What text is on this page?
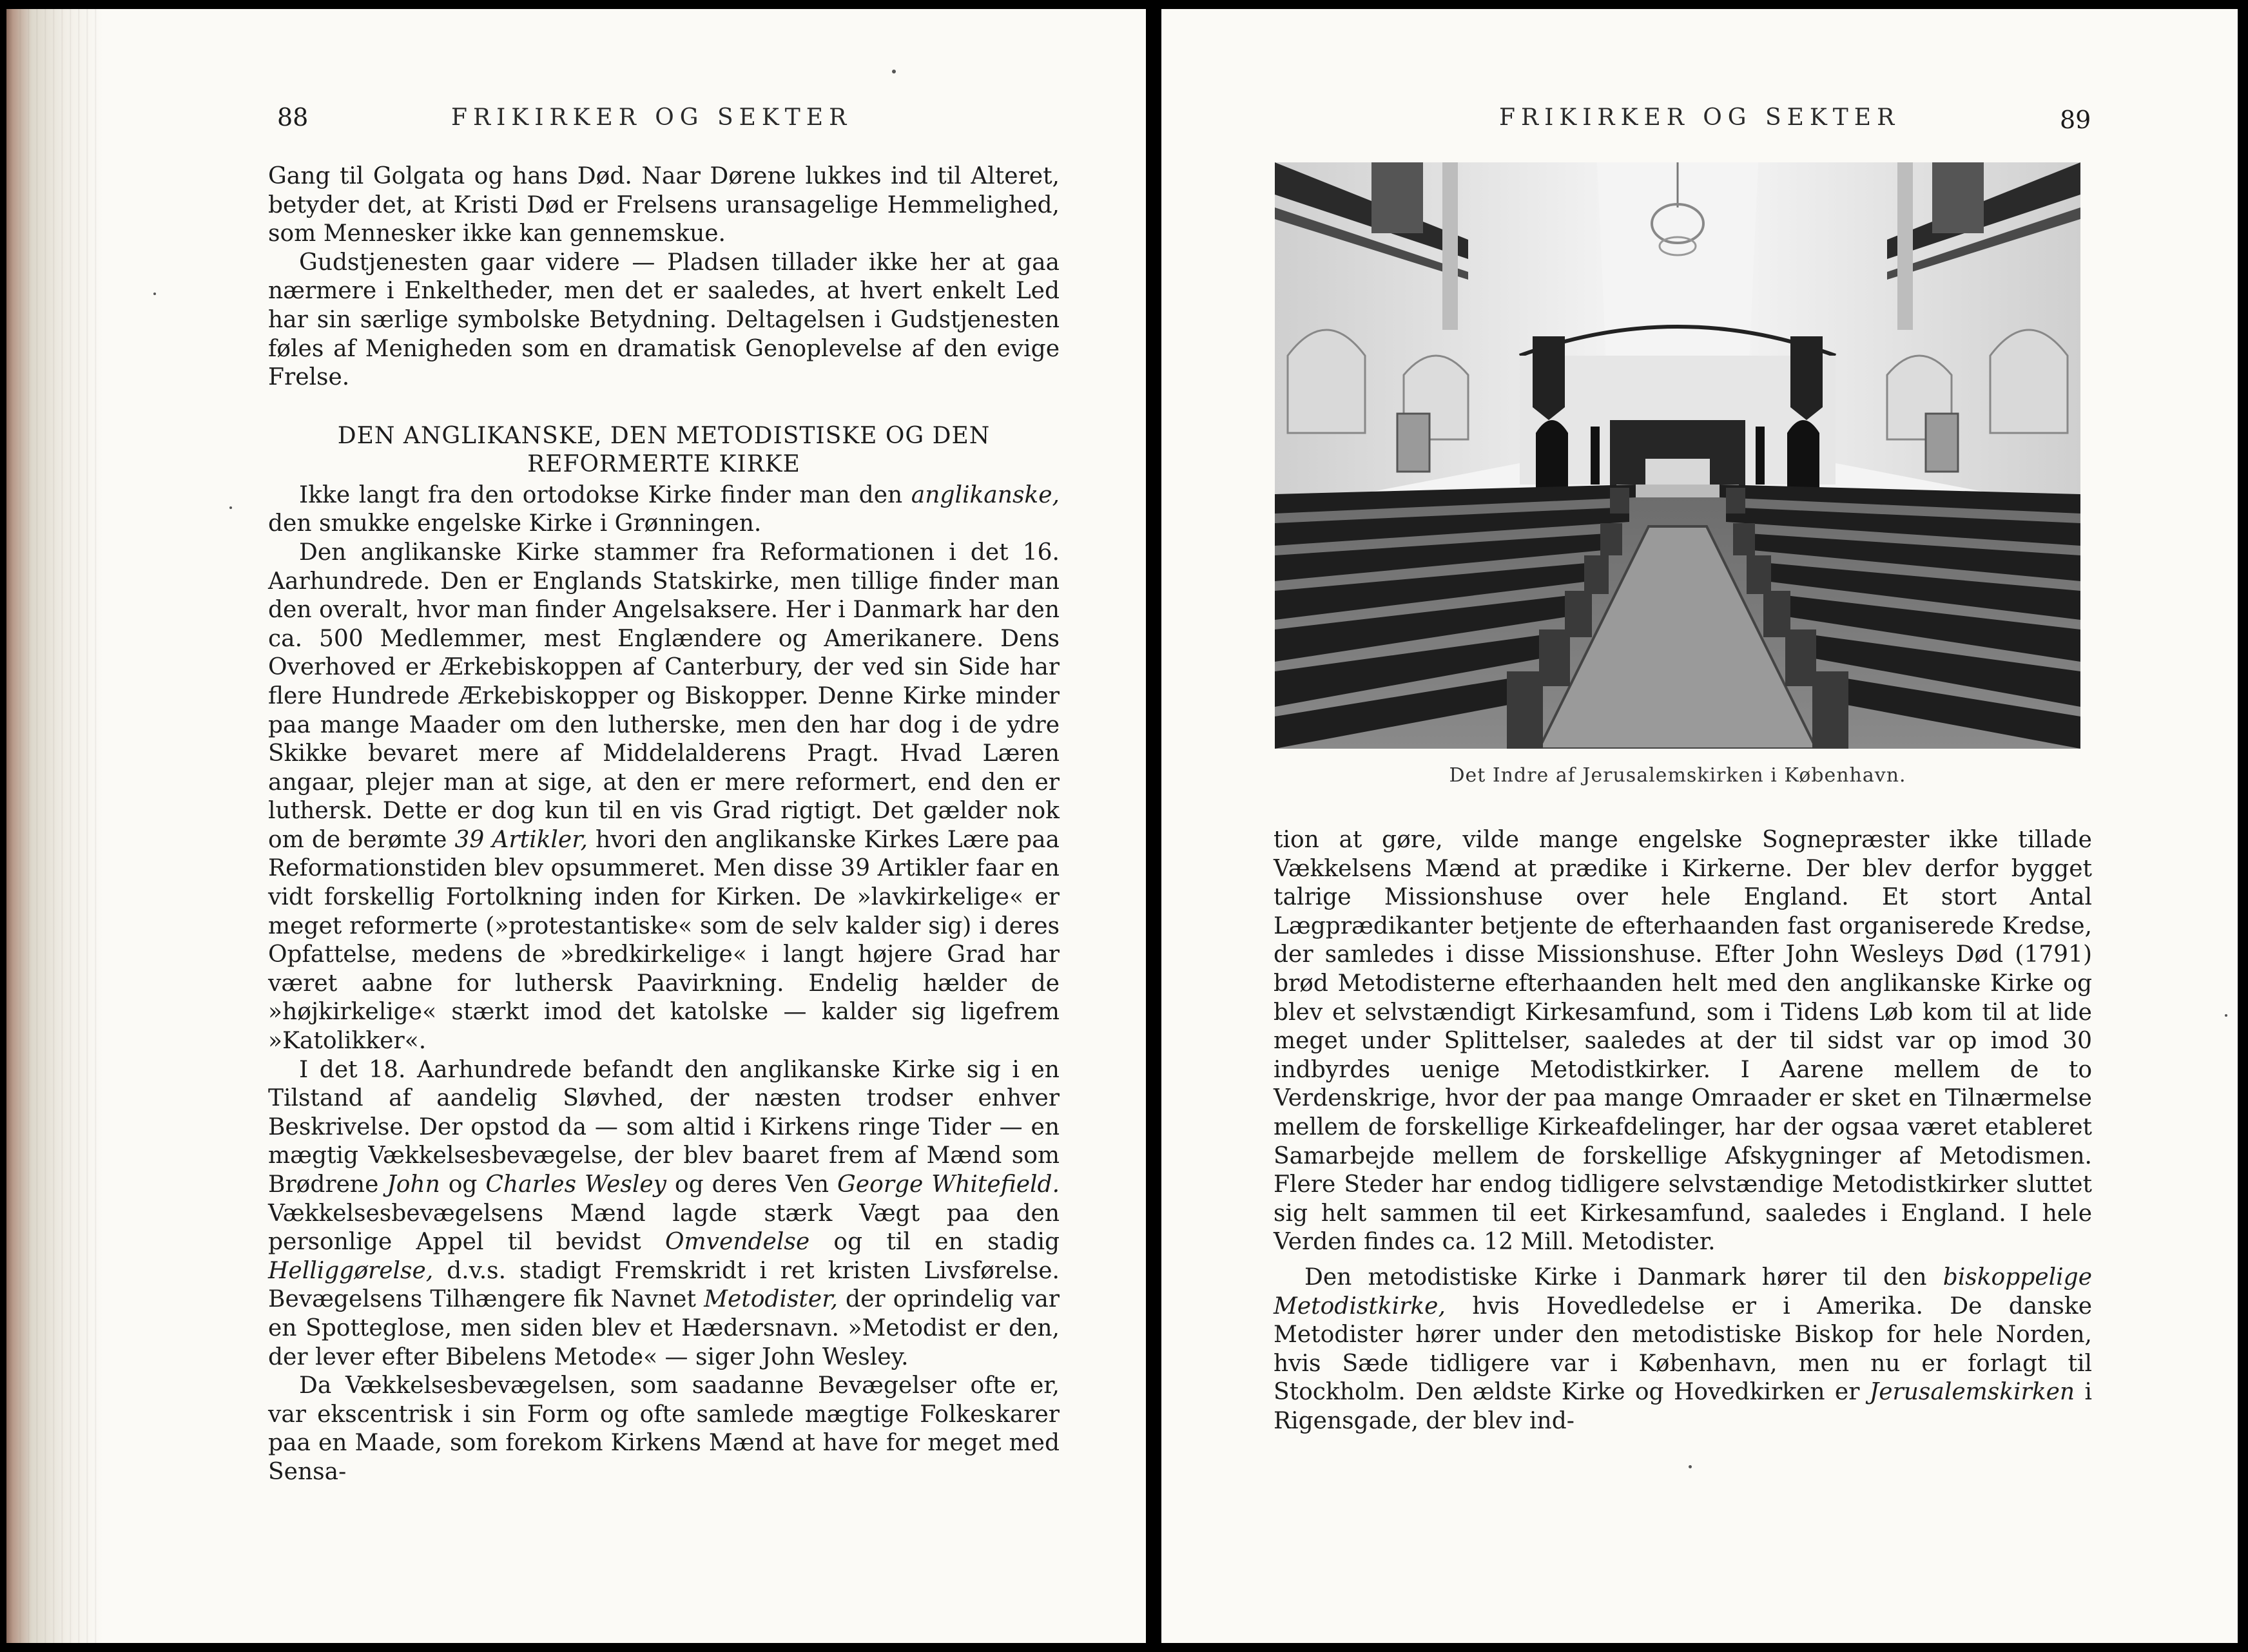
88	FRIKIRKER OG SEKTER

Gang til Golgata og hans Død. Naar Dørene lukkes ind til Alteret, betyder det, at Kristi Død er Frelsens uransagelige Hemmelighed, som Mennesker ikke kan gennemskue.

Gudstjenesten gaar videre — Pladsen tillader ikke her at gaa nærmere i Enkeltheder, men det er saaledes, at hvert enkelt Led har sin særlige symbolske Betydning. Deltagelsen i Gudstjenesten føles af Menigheden som en dramatisk Genoplevelse af den evige Frelse.

DEN ANGLIKANSKE, DEN METODISTISKE OG DEN
REFORMERTE KIRKE

Ikke langt fra den ortodokse Kirke finder man den anglikanske, den smukke engelske Kirke i Grønningen.

Den anglikanske Kirke stammer fra Reformationen i det 16. Aarhundrede. Den er Englands Statskirke, men tillige finder man den overalt, hvor man finder Angelsaksere. Her i Danmark har den ca. 500 Medlemmer, mest Englændere og Amerikanere. Dens Overhoved er Ærkebiskoppen af Canterbury, der ved sin Side har flere Hundrede Ærkebiskopper og Biskopper. Denne Kirke minder paa mange Maader om den lutherske, men den har dog i de ydre Skikke bevaret mere af Middelalderens Pragt. Hvad Læren angaar, plejer man at sige, at den er mere reformert, end den er luthersk. Dette er dog kun til en vis Grad rigtigt. Det gælder nok om de berømte 39 Artikler, hvori den anglikanske Kirkes Lære paa Reformationstiden blev opsummeret. Men disse 39 Artikler faar en vidt forskellig Fortolkning inden for Kirken. De »lavkirkelige« er meget reformerte (»protestantiske« som de selv kalder sig) i deres Opfattelse, medens de »bredkirkelige« i langt højere Grad har været aabne for luthersk Paavirkning. Endelig hælder de »højkirkelige« stærkt imod det katolske — kalder sig ligefrem »Katolikker«.

I det 18. Aarhundrede befandt den anglikanske Kirke sig i en Tilstand af aandelig Sløvhed, der næsten trodser enhver Beskrivelse. Der opstod da — som altid i Kirkens ringe Tider — en mægtig Vækkelsesbevægelse, der blev baaret frem af Mænd som Brødrene John og Charles Wesley og deres Ven George Whitefield. Vækkelsesbevægelsens Mænd lagde stærk Vægt paa den personlige Appel til bevidst Omvendelse og til en stadig Helliggørelse, d.v.s. stadigt Fremskridt i ret kristen Livsførelse. Bevægelsens Tilhængere fik Navnet Metodister, der oprindelig var en Spotteglose, men siden blev et Hædersnavn. »Metodist er den, der lever efter Bibelens Metode« — siger John Wesley.

Da Vækkelsesbevægelsen, som saadanne Bevægelser ofte er, var ekscentrisk i sin Form og ofte samlede mægtige Folkeskarer paa en Maade, som forekom Kirkens Mænd at have for meget med Sensa-

FRIKIRKER OG SEKTER	89
Det Indre af Jerusalemskirken i København.

tion at gøre, vilde mange engelske Sognepræster ikke tillade Vækkelsens Mænd at prædike i Kirkerne. Der blev derfor bygget talrige Missionshuse over hele England. Et stort Antal Lægprædikanter betjente de efterhaanden fast organiserede Kredse, der samledes i disse Missionshuse. Efter John Wesleys Død (1791) brød Metodisterne efterhaanden helt med den anglikanske Kirke og blev et selvstændigt Kirkesamfund, som i Tidens Løb kom til at lide meget under Splittelser, saaledes at der til sidst var op imod 30 indbyrdes uenige Metodistkirker. I Aarene mellem de to Verdenskrige, hvor der paa mange Omraader er sket en Tilnærmelse mellem de forskellige Kirkeafdelinger, har der ogsaa været etableret Samarbejde mellem de forskellige Afskygninger af Metodismen. Flere Steder har endog tidligere selvstændige Metodistkirker sluttet sig helt sammen til eet Kirkesamfund, saaledes i England. I hele Verden findes ca. 12 Mill. Metodister.

Den metodistiske Kirke i Danmark hører til den biskoppelige Metodistkirke, hvis Hovedledelse er i Amerika. De danske Metodister hører under den metodistiske Biskop for hele Norden, hvis Sæde tidligere var i København, men nu er forlagt til Stockholm. Den ældste Kirke og Hovedkirken er Jerusalemskirken i Rigensgade, der blev ind-
